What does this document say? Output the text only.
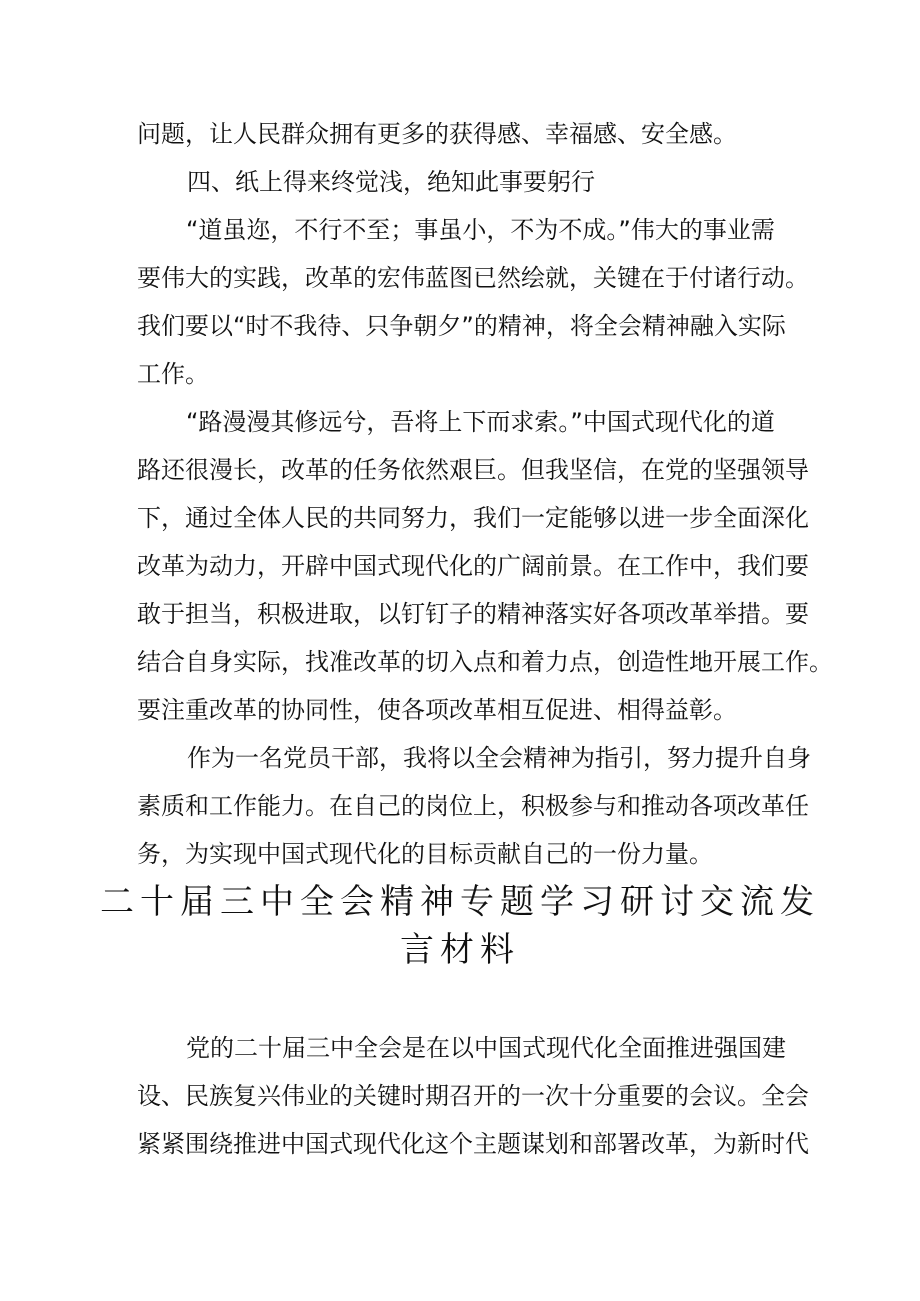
问题，让人民群众拥有更多的获得感、幸福感、安全感。
四、纸上得来终觉浅，绝知此事要躬行
“道虽迩，不行不至；事虽小，不为不成。”伟大的事业需
要伟大的实践，改革的宏伟蓝图已然绘就，关键在于付诸行动。
我们要以“时不我待、只争朝夕”的精神，将全会精神融入实际
工作。
“路漫漫其修远兮，吾将上下而求索。”中国式现代化的道
路还很漫长，改革的任务依然艰巨。但我坚信，在党的坚强领导
下，通过全体人民的共同努力，我们一定能够以进一步全面深化
改革为动力，开辟中国式现代化的广阔前景。在工作中，我们要
敢于担当，积极进取，以钉钉子的精神落实好各项改革举措。要
结合自身实际，找准改革的切入点和着力点，创造性地开展工作。
要注重改革的协同性，使各项改革相互促进、相得益彰。
作为一名党员干部，我将以全会精神为指引，努力提升自身
素质和工作能力。在自己的岗位上，积极参与和推动各项改革任
务，为实现中国式现代化的目标贡献自己的一份力量。
二十届三中全会精神专题学习研讨交流发
言材料
党的二十届三中全会是在以中国式现代化全面推进强国建
设、民族复兴伟业的关键时期召开的一次十分重要的会议。全会
紧紧围绕推进中国式现代化这个主题谋划和部署改革，为新时代
